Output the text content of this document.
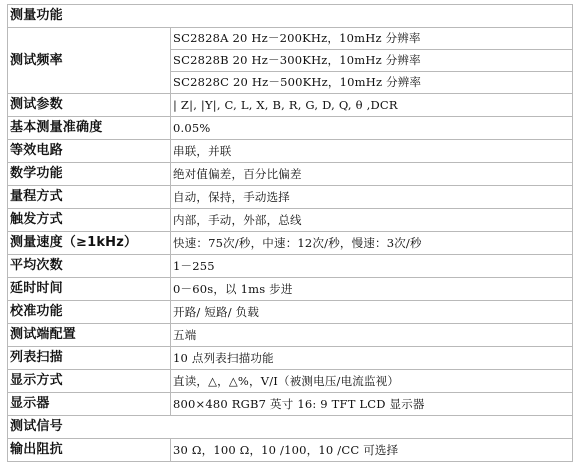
测量功能	
测试频率	SC2828A 20 Hz－200KHz，10mHz 分辨率
	SC2828B 20 Hz－300KHz，10mHz 分辨率
	SC2828C 20 Hz－500KHz，10mHz 分辨率
测试参数	| Z|, |Y|, C, L, X, B, R, G, D, Q, θ ,DCR
基本测量准确度	0.05%
等效电路	串联，并联
数学功能	绝对值偏差，百分比偏差
量程方式	自动，保持，手动选择
触发方式	内部，手动，外部，总线
测量速度（≥1kHz）	快速：75次/秒，中速：12次/秒，慢速：3次/秒
平均次数	1－255
延时时间	0－60s，以 1ms 步进
校准功能	开路/ 短路/ 负载
测试端配置	五端
列表扫描	10 点列表扫描功能
显示方式	直读，△，△%，V/I（被测电压/电流监视）
显示器	800×480 RGB7 英寸 16: 9 TFT LCD 显示器
测试信号	
输出阻抗	30 Ω，100 Ω，10 /100，10 /CC 可选择
